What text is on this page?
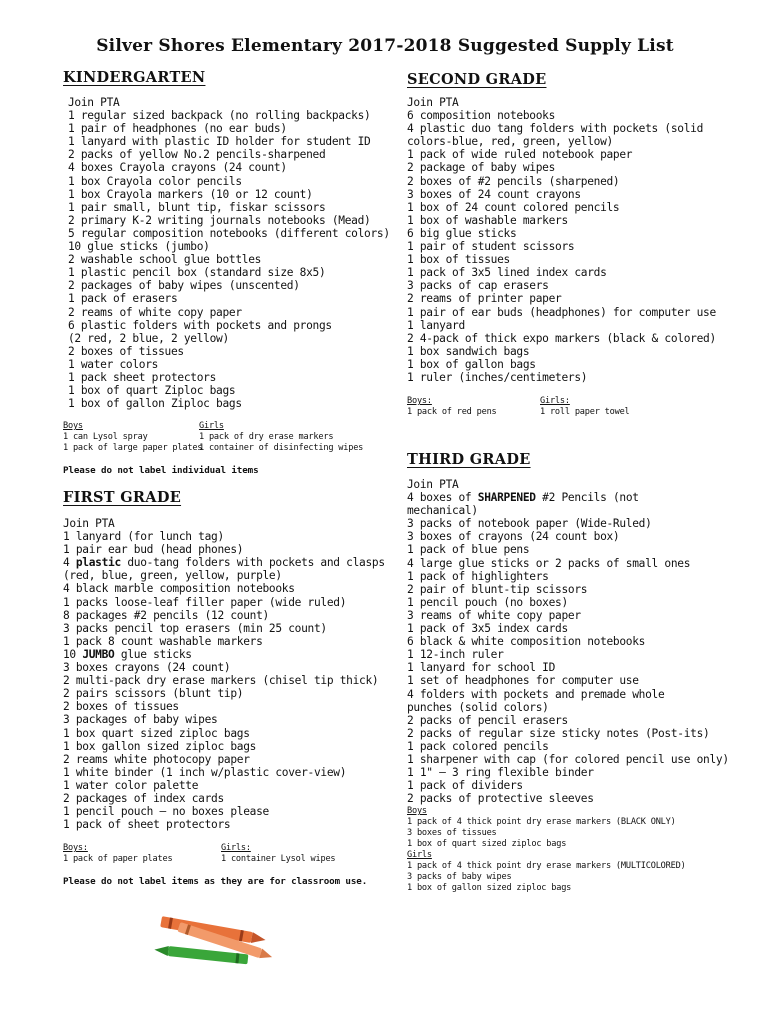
Silver Shores Elementary 2017-2018 Suggested Supply List
KINDERGARTEN
Join PTA
1 regular sized backpack (no rolling backpacks)
1 pair of headphones (no ear buds)
1 lanyard with plastic ID holder for student ID
2 packs of yellow No.2 pencils-sharpened
4 boxes Crayola crayons (24 count)
1 box Crayola color pencils
1 box Crayola markers (10 or 12 count)
1 pair small, blunt tip, fiskar scissors
2 primary K-2 writing journals notebooks (Mead)
5 regular composition notebooks (different colors)
10 glue sticks (jumbo)
2 washable school glue bottles
1 plastic pencil box (standard size 8x5)
2 packages of baby wipes (unscented)
1 pack of erasers
2 reams of white copy paper
6 plastic folders with pockets and prongs
(2 red, 2 blue, 2 yellow)
2 boxes of tissues
1 water colors
1 pack sheet protectors
1 box of quart Ziploc bags
1 box of gallon Ziploc bags
Boys
1 can Lysol spray
1 pack of large paper plates
Girls
1 pack of dry erase markers
1 container of disinfecting wipes
Please do not label individual items
FIRST GRADE
Join PTA
1 lanyard (for lunch tag)
1 pair ear bud (head phones)
4 plastic duo-tang folders with pockets and clasps
(red, blue, green, yellow, purple)
4 black marble composition notebooks
1 packs loose-leaf filler paper (wide ruled)
8 packages #2 pencils (12 count)
3 packs pencil top erasers (min 25 count)
1 pack 8 count washable markers
10 JUMBO glue sticks
3 boxes crayons (24 count)
2 multi-pack dry erase markers (chisel tip thick)
2 pairs scissors (blunt tip)
2 boxes of tissues
3 packages of baby wipes
1 box quart sized ziploc bags
1 box gallon sized ziploc bags
2 reams white photocopy paper
1 white binder (1 inch w/plastic cover-view)
1 water color palette
2 packages of index cards
1 pencil pouch – no boxes please
1 pack of sheet protectors
Boys:
1 pack of paper plates
Girls:
1 container Lysol wipes
Please do not label items as they are for classroom use.
SECOND GRADE
Join PTA
6 composition notebooks
4 plastic duo tang folders with pockets (solid
colors-blue, red, green, yellow)
1 pack of wide ruled notebook paper
2 package of baby wipes
2 boxes of #2 pencils (sharpened)
3 boxes of 24 count crayons
1 box of 24 count colored pencils
1 box of washable markers
6 big glue sticks
1 pair of student scissors
1 box of tissues
1 pack of 3x5 lined index cards
3 packs of cap erasers
2 reams of printer paper
1 pair of ear buds (headphones) for computer use
1 lanyard
2 4-pack of thick expo markers (black & colored)
1 box sandwich bags
1 box of gallon bags
1 ruler (inches/centimeters)
Boys:
1 pack of red pens
Girls:
1 roll paper towel
THIRD GRADE
Join PTA
4 boxes of SHARPENED #2 Pencils (not
mechanical)
3 packs of notebook paper (Wide-Ruled)
3 boxes of crayons (24 count box)
1 pack of blue pens
4 large glue sticks or 2 packs of small ones
1 pack of highlighters
2 pair of blunt-tip scissors
1 pencil pouch (no boxes)
3 reams of white copy paper
1 pack of 3x5 index cards
6 black & white composition notebooks
1 12-inch ruler
1 lanyard for school ID
1 set of headphones for computer use
4 folders with pockets and premade whole
punches (solid colors)
2 packs of pencil erasers
2 packs of regular size sticky notes (Post-its)
1 pack colored pencils
1 sharpener with cap (for colored pencil use only)
1 1" – 3 ring flexible binder
1 pack of dividers
2 packs of protective sleeves
Boys
1 pack of 4 thick point dry erase markers (BLACK ONLY)
3 boxes of tissues
1 box of quart sized ziploc bags
Girls
1 pack of 4 thick point dry erase markers (MULTICOLORED)
3 packs of baby wipes
1 box of gallon sized ziploc bags
